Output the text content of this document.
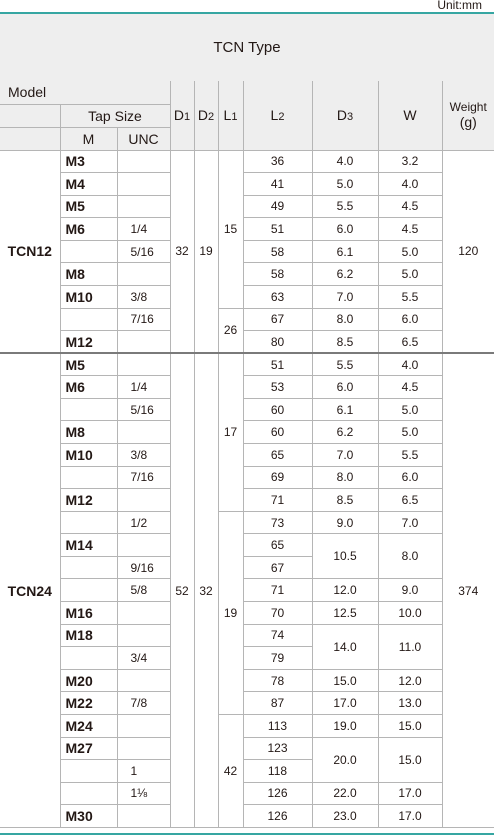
Unit:mm
TCN Type
Model			D1	D2	L1	L2	D3	W	Weight
(g)
	Tap Size								
	M	UNC							
TCN12	M3		32	19	15	36	4.0	3.2	120
	M4					41	5.0	4.0	
	M5					49	5.5	4.5	
	M6	1/4				51	6.0	4.5	
		5/16				58	6.1	5.0	
	M8					58	6.2	5.0	
	M10	3/8				63	7.0	5.5	
		7/16			26	67	8.0	6.0	
	M12					80	8.5	6.5	
TCN24	M5		52	32	17	51	5.5	4.0	374
	M6	1/4				53	6.0	4.5	
		5/16				60	6.1	5.0	
	M8					60	6.2	5.0	
	M10	3/8				65	7.0	5.5	
		7/16				69	8.0	6.0	
	M12					71	8.5	6.5	
		1/2			19	73	9.0	7.0	
	M14					65	10.5	8.0	
		9/16				67			
		5/8				71	12.0	9.0	
	M16					70	12.5	10.0	
	M18					74	14.0	11.0	
		3/4				79			
	M20					78	15.0	12.0	
	M22	7/8				87	17.0	13.0	
	M24				42	113	19.0	15.0	
	M27					123	20.0	15.0	
		1				118			
		1⅛				126	22.0	17.0	
	M30					126	23.0	17.0	
